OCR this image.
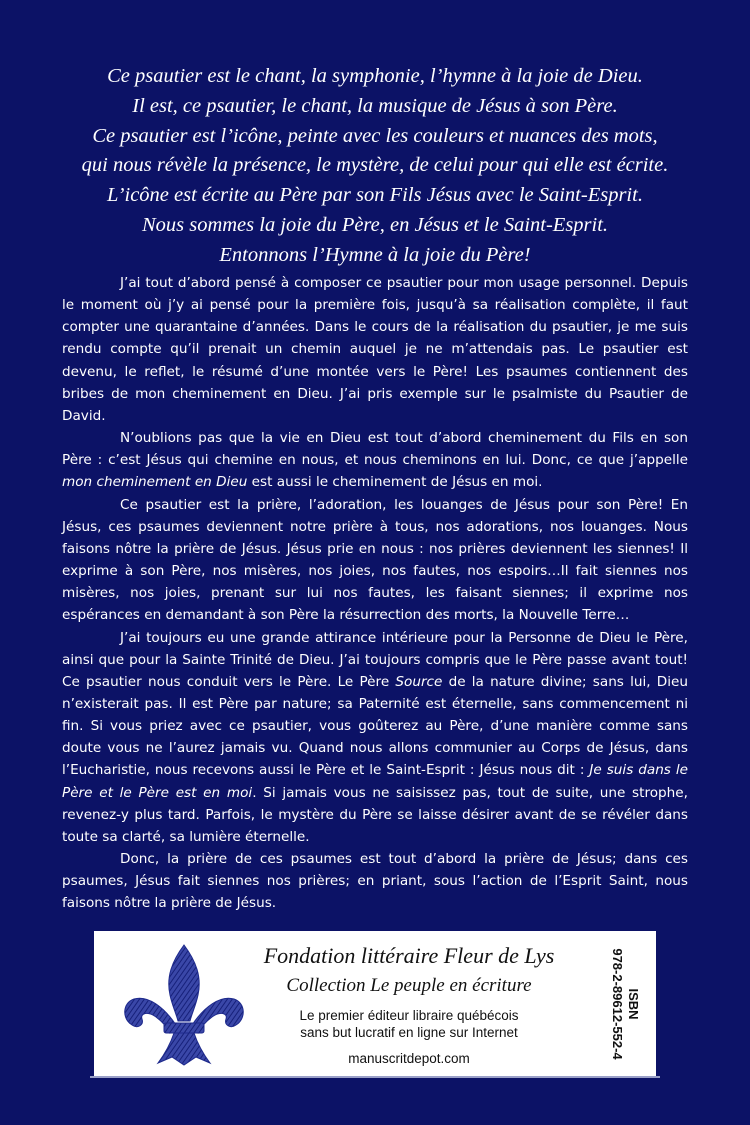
Ce psautier est le chant, la symphonie, l’hymne à la joie de Dieu.
Il est, ce psautier, le chant, la musique de Jésus à son Père.
Ce psautier est l’icône, peinte avec les couleurs et nuances des mots,
qui nous révèle la présence, le mystère, de celui pour qui elle est écrite.
L’icône est écrite au Père par son Fils Jésus avec le Saint-Esprit.
Nous sommes la joie du Père, en Jésus et le Saint-Esprit.
Entonnons l’Hymne à la joie du Père!

J’ai tout d’abord pensé à composer ce psautier pour mon usage personnel. Depuis le moment où j’y ai pensé pour la première fois, jusqu’à sa réalisation complète, il faut compter une quarantaine d’années. Dans le cours de la réalisation du psautier, je me suis rendu compte qu’il prenait un chemin auquel je ne m’attendais pas. Le psautier est devenu, le reflet, le résumé d’une montée vers le Père! Les psaumes contiennent des bribes de mon cheminement en Dieu. J’ai pris exemple sur le psalmiste du Psautier de David.

N’oublions pas que la vie en Dieu est tout d’abord cheminement du Fils en son Père : c’est Jésus qui chemine en nous, et nous cheminons en lui. Donc, ce que j’appelle mon cheminement en Dieu est aussi le cheminement de Jésus en moi.

Ce psautier est la prière, l’adoration, les louanges de Jésus pour son Père! En Jésus, ces psaumes deviennent notre prière à tous, nos adorations, nos louanges. Nous faisons nôtre la prière de Jésus. Jésus prie en nous : nos prières deviennent les siennes! Il exprime à son Père, nos misères, nos joies, nos fautes, nos espoirs…Il fait siennes nos misères, nos joies, prenant sur lui nos fautes, les faisant siennes; il exprime nos espérances en demandant à son Père la résurrection des morts, la Nouvelle Terre…

J’ai toujours eu une grande attirance intérieure pour la Personne de Dieu le Père, ainsi que pour la Sainte Trinité de Dieu. J’ai toujours compris que le Père passe avant tout! Ce psautier nous conduit vers le Père. Le Père Source de la nature divine; sans lui, Dieu n’existerait pas. Il est Père par nature; sa Paternité est éternelle, sans commencement ni fin. Si vous priez avec ce psautier, vous goûterez au Père, d’une manière comme sans doute vous ne l’aurez jamais vu. Quand nous allons communier au Corps de Jésus, dans l’Eucharistie, nous recevons aussi le Père et le Saint-Esprit : Jésus nous dit : Je suis dans le Père et le Père est en moi. Si jamais vous ne saisissez pas, tout de suite, une strophe, revenez-y plus tard. Parfois, le mystère du Père se laisse désirer avant de se révéler dans toute sa clarté, sa lumière éternelle.

Donc, la prière de ces psaumes est tout d’abord la prière de Jésus; dans ces psaumes, Jésus fait siennes nos prières; en priant, sous l’action de l’Esprit Saint, nous faisons nôtre la prière de Jésus.

Fondation littéraire Fleur de Lys
Collection Le peuple en écriture
Le premier éditeur libraire québécois
sans but lucratif en ligne sur Internet
manuscritdepot.com
ISBN
978-2-89612-552-4
